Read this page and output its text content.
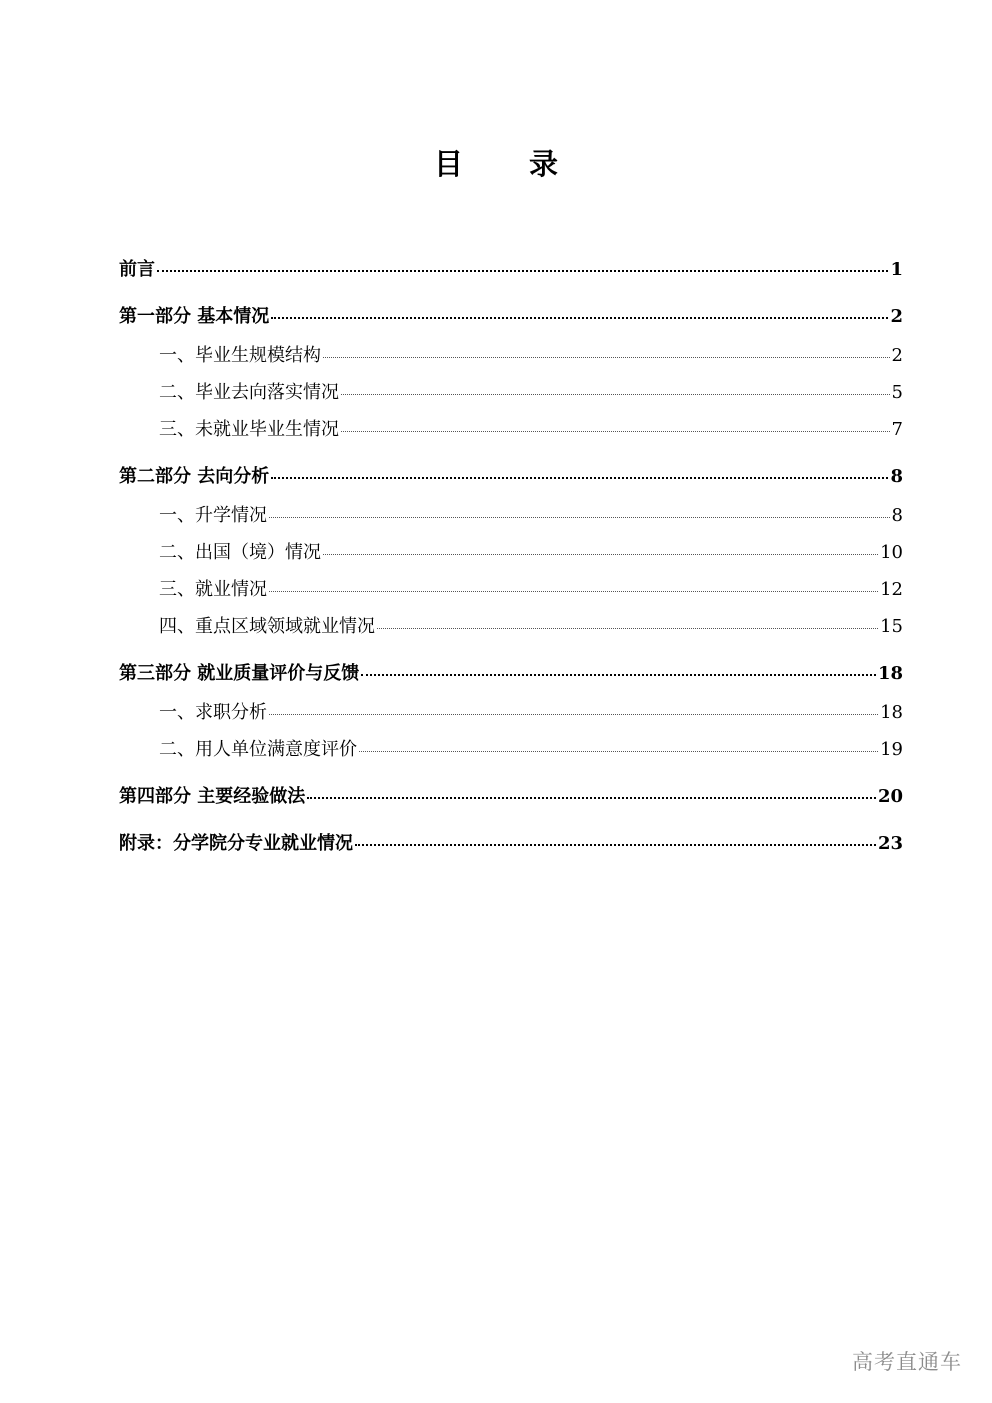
目 录
前言	1
第一部分 基本情况	2
一、毕业生规模结构	2
二、毕业去向落实情况	5
三、未就业毕业生情况	7
第二部分 去向分析	8
一、升学情况	8
二、出国（境）情况	10
三、就业情况	12
四、重点区域领域就业情况	15
第三部分 就业质量评价与反馈	18
一、求职分析	18
二、用人单位满意度评价	19
第四部分 主要经验做法	20
附录：分学院分专业就业情况	23
高考直通车
